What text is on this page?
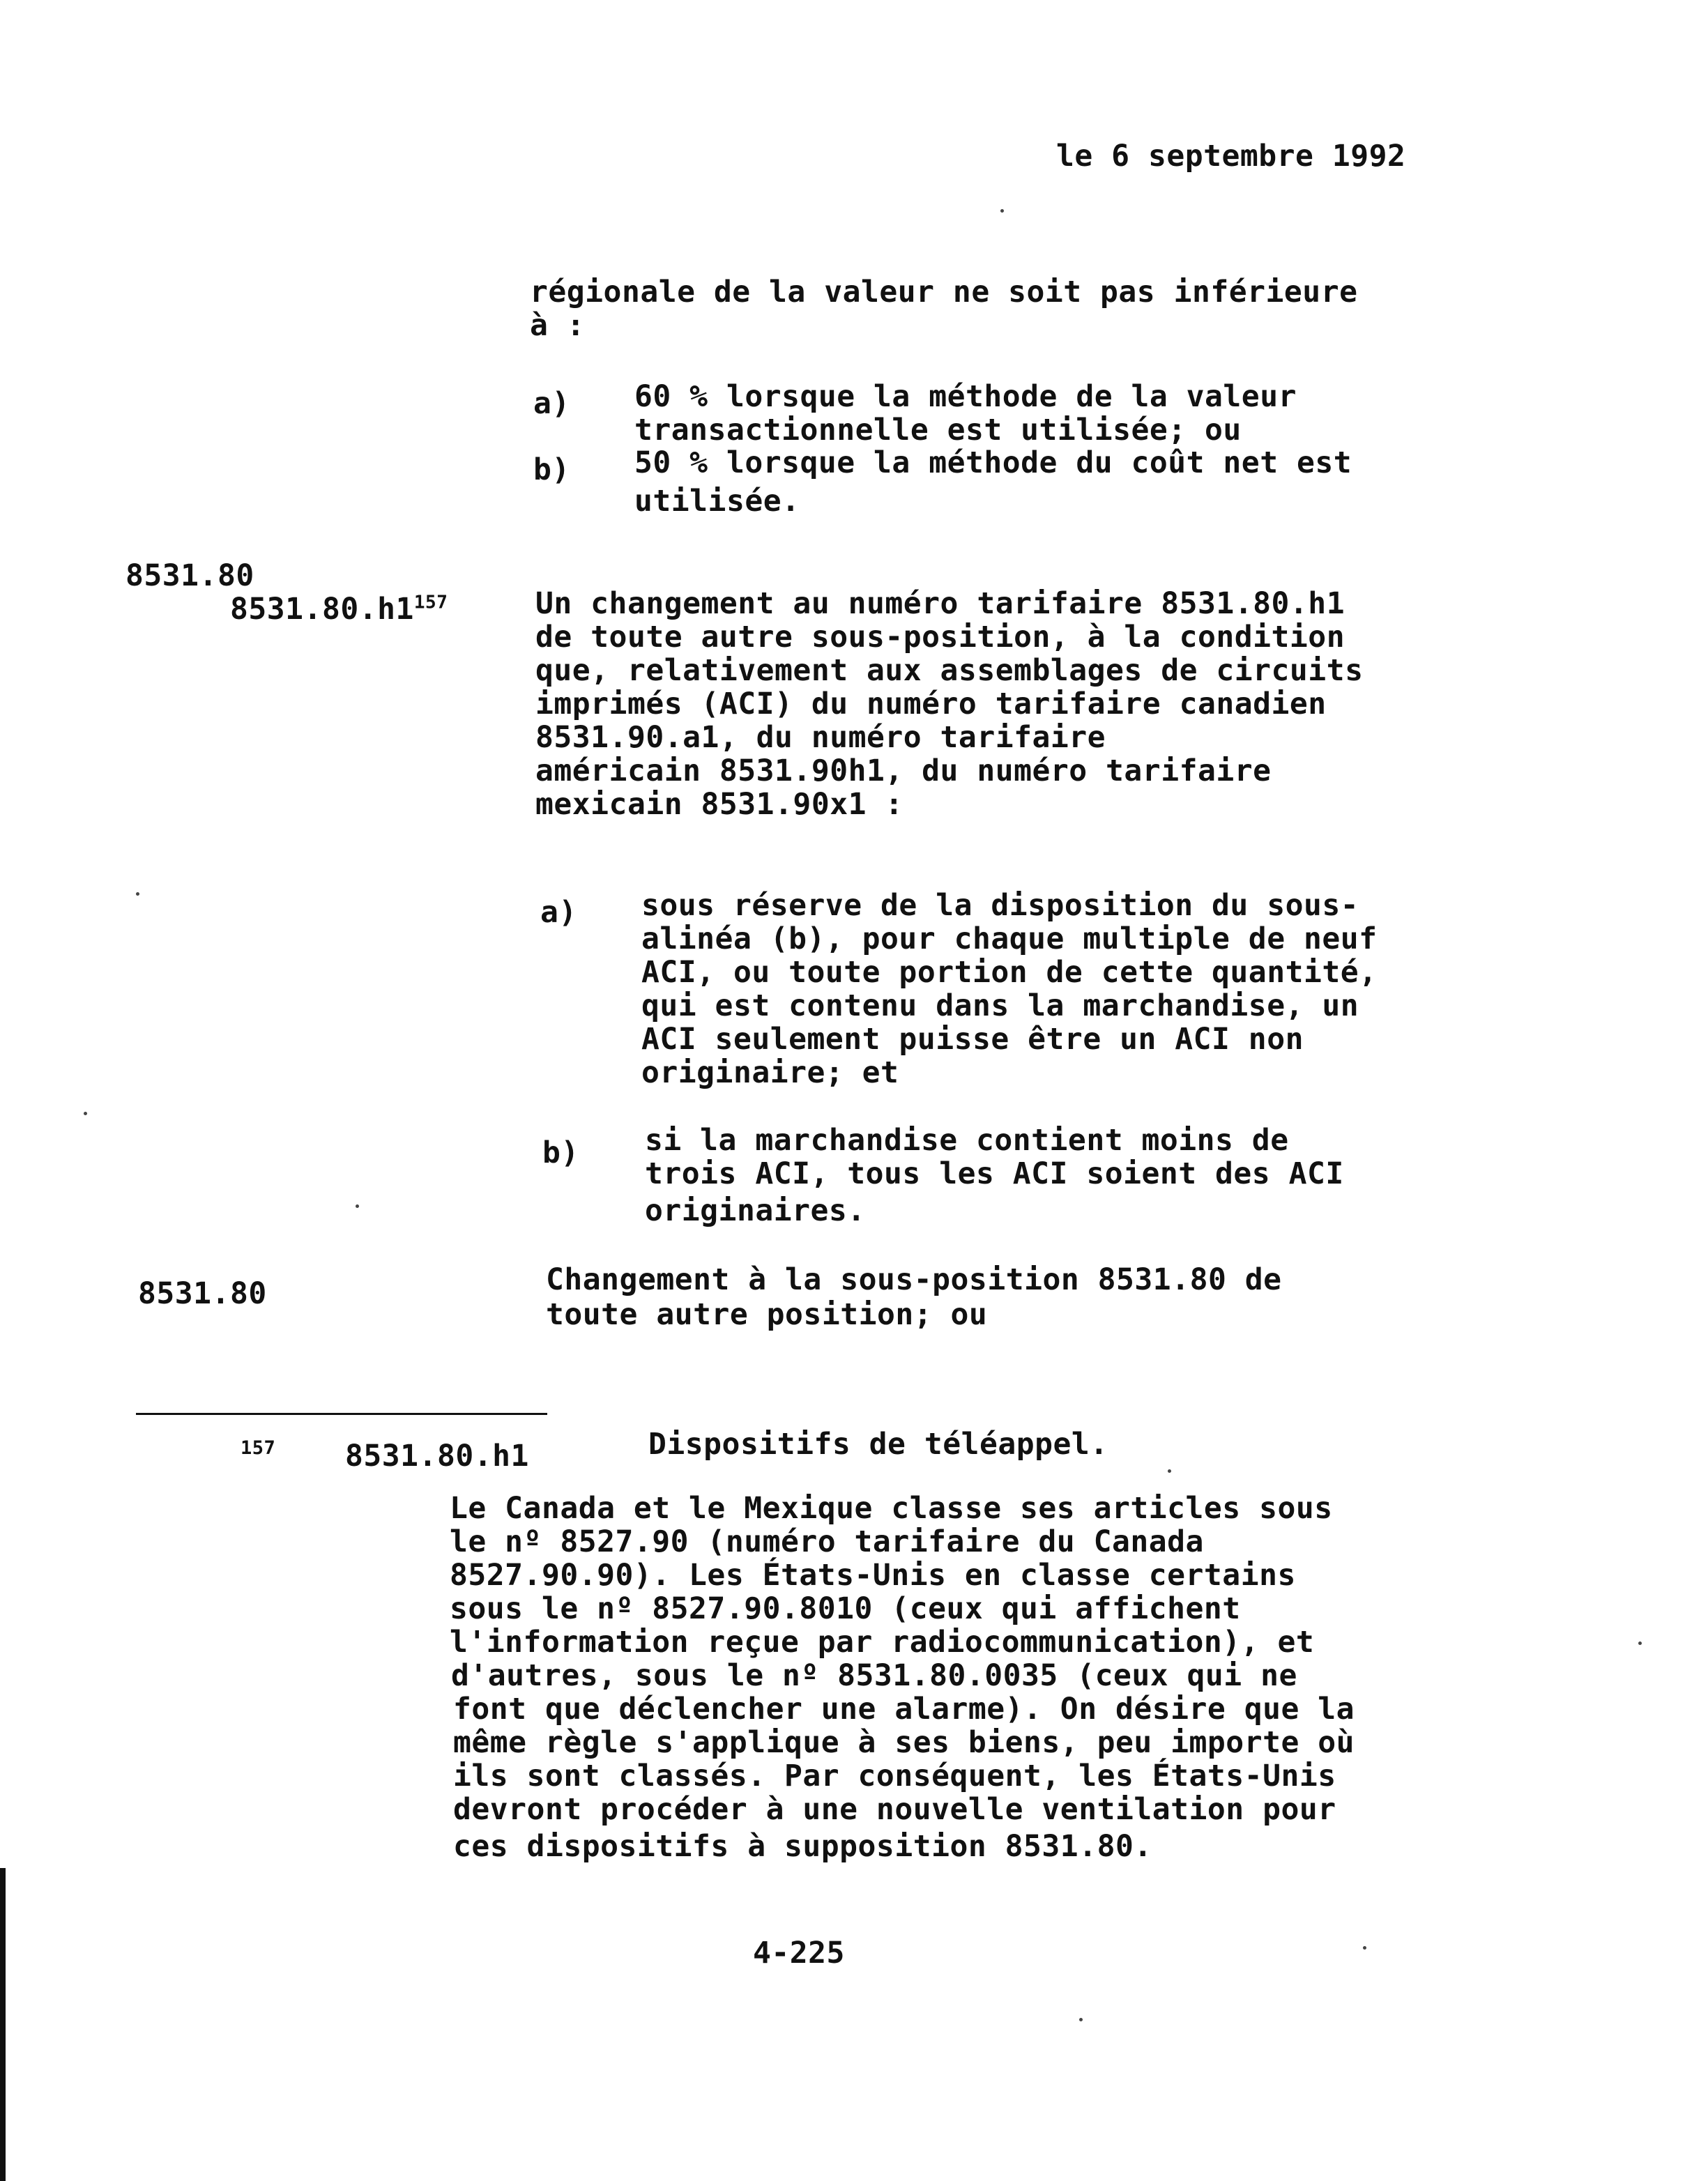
le 6 septembre 1992
régionale de la valeur ne soit pas inférieure
à :
a) 60 % lorsque la méthode de la valeur
transactionnelle est utilisée; ou
b) 50 % lorsque la méthode du coût net est
utilisée.
8531.80
$8531.80.h1^{157}$	Un changement au numéro tarifaire 8531.80.h1
de toute autre sous-position, à la condition
que, relativement aux assemblages de circuits
imprimés (ACI) du numéro tarifaire canadien
8531.90.a1, du numéro tarifaire
américain 8531.90h1, du numéro tarifaire
mexicain 8531.90x1 :
a) sous réserve de la disposition du sous-
alinéa (b), pour chaque multiple de neuf
ACI, ou toute portion de cette quantité,
qui est contenu dans la marchandise, un
ACI seulement puisse être un ACI non
originaire; et
b) si la marchandise contient moins de
trois ACI, tous les ACI soient des ACI
originaires.
8531.80	Changement à la sous-position 8531.80 de
toute autre position; ou
157 8531.80.h1	Dispositifs de téléappel.
Le Canada et le Mexique classe ses articles sous
le nº 8527.90 (numéro tarifaire du Canada
8527.90.90). Les États-Unis en classe certains
sous le nº 8527.90.8010 (ceux qui affichent
l'information reçue par radiocommunication), et
d'autres, sous le nº 8531.80.0035 (ceux qui ne
font que déclencher une alarme). On désire que la
même règle s'applique à ses biens, peu importe où
ils sont classés. Par conséquent, les États-Unis
devront procéder à une nouvelle ventilation pour
ces dispositifs à supposition 8531.80.
4-225
